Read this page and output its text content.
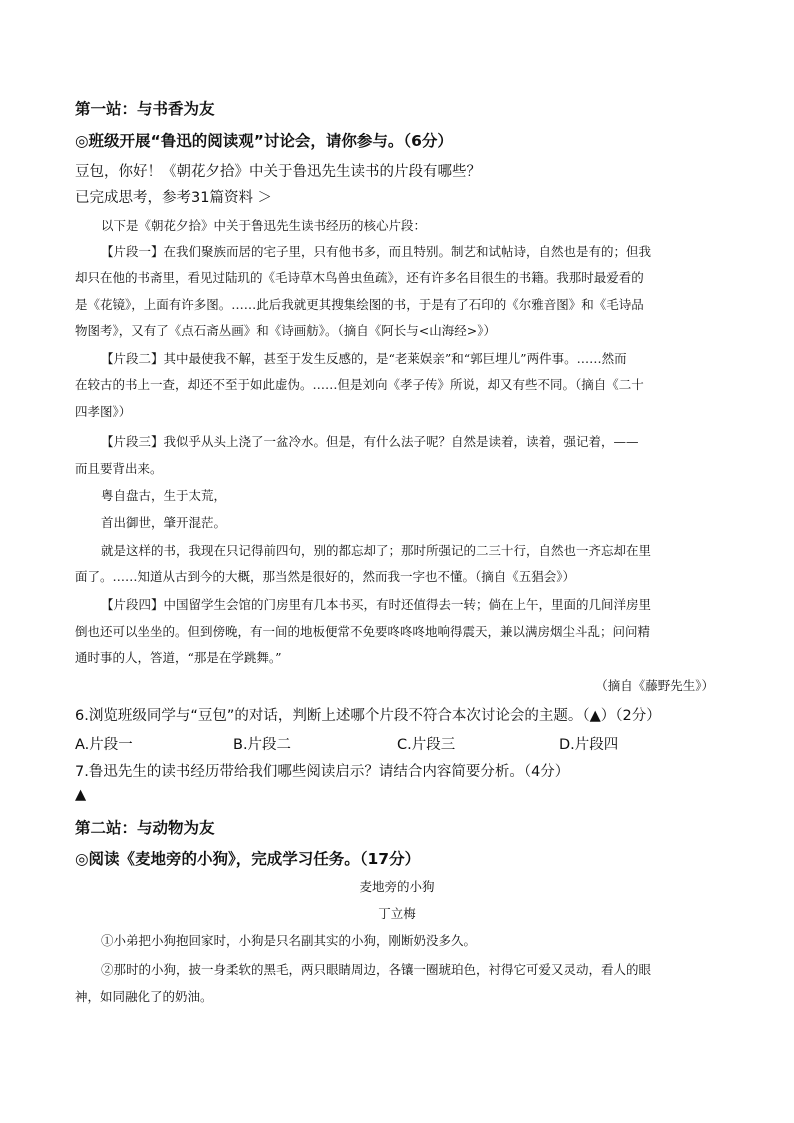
第一站：与书香为友
◎班级开展“鲁迅的阅读观”讨论会，请你参与。（6分）
豆包，你好！《朝花夕拾》中关于鲁迅先生读书的片段有哪些？
已完成思考，参考31篇资料 ＞
以下是《朝花夕拾》中关于鲁迅先生读书经历的核心片段：
【片段一】在我们聚族而居的宅子里，只有他书多，而且特别。制艺和试帖诗，自然也是有的；但我
却只在他的书斋里，看见过陆玑的《毛诗草木鸟兽虫鱼疏》，还有许多名目很生的书籍。我那时最爱看的
是《花镜》，上面有许多图。……此后我就更其搜集绘图的书，于是有了石印的《尔雅音图》和《毛诗品
物图考》，又有了《点石斋丛画》和《诗画舫》。（摘自《阿长与<山海经>》）
【片段二】其中最使我不解，甚至于发生反感的，是“老莱娱亲”和“郭巨埋儿”两件事。……然而
在较古的书上一查，却还不至于如此虚伪。……但是刘向《孝子传》所说，却又有些不同。（摘自《二十
四孝图》）
【片段三】我似乎从头上浇了一盆冷水。但是，有什么法子呢？自然是读着，读着，强记着，——
而且要背出来。
粤自盘古，生于太荒，
首出御世，肇开混茫。
就是这样的书，我现在只记得前四句，别的都忘却了；那时所强记的二三十行，自然也一齐忘却在里
面了。……知道从古到今的大概，那当然是很好的，然而我一字也不懂。（摘自《五猖会》）
【片段四】中国留学生会馆的门房里有几本书买，有时还值得去一转；倘在上午，里面的几间洋房里
倒也还可以坐坐的。但到傍晚，有一间的地板便常不免要咚咚咚地响得震天，兼以满房烟尘斗乱；问问精
通时事的人，答道，“那是在学跳舞。”
（摘自《藤野先生》）
6.浏览班级同学与“豆包”的对话，判断上述哪个片段不符合本次讨论会的主题。（▲）（2分）
A.片段一	B.片段二	C.片段三	D.片段四
7.鲁迅先生的读书经历带给我们哪些阅读启示？请结合内容简要分析。（4分）
▲
第二站：与动物为友
◎阅读《麦地旁的小狗》，完成学习任务。（17分）
麦地旁的小狗
丁立梅
①小弟把小狗抱回家时，小狗是只名副其实的小狗，刚断奶没多久。
②那时的小狗，披一身柔软的黑毛，两只眼睛周边，各镶一圈琥珀色，衬得它可爱又灵动，看人的眼
神，如同融化了的奶油。
